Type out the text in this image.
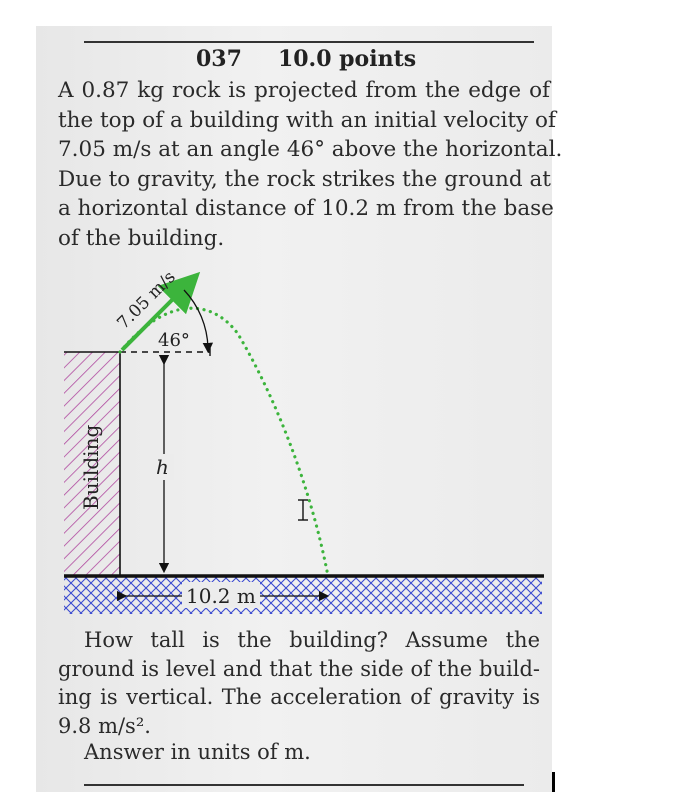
037 10.0 points

A 0.87 kg rock is projected from the edge of
the top of a building with an initial velocity of
7.05 m/s at an angle 46° above the horizontal.
Due to gravity, the rock strikes the ground at
a horizontal distance of 10.2 m from the base
of the building.

Building	h
7.05 m/s
46°
10.2 m

How tall is the building? Assume the
ground is level and that the side of the build-
ing is vertical. The acceleration of gravity is
9.8 m/s².

Answer in units of m.
